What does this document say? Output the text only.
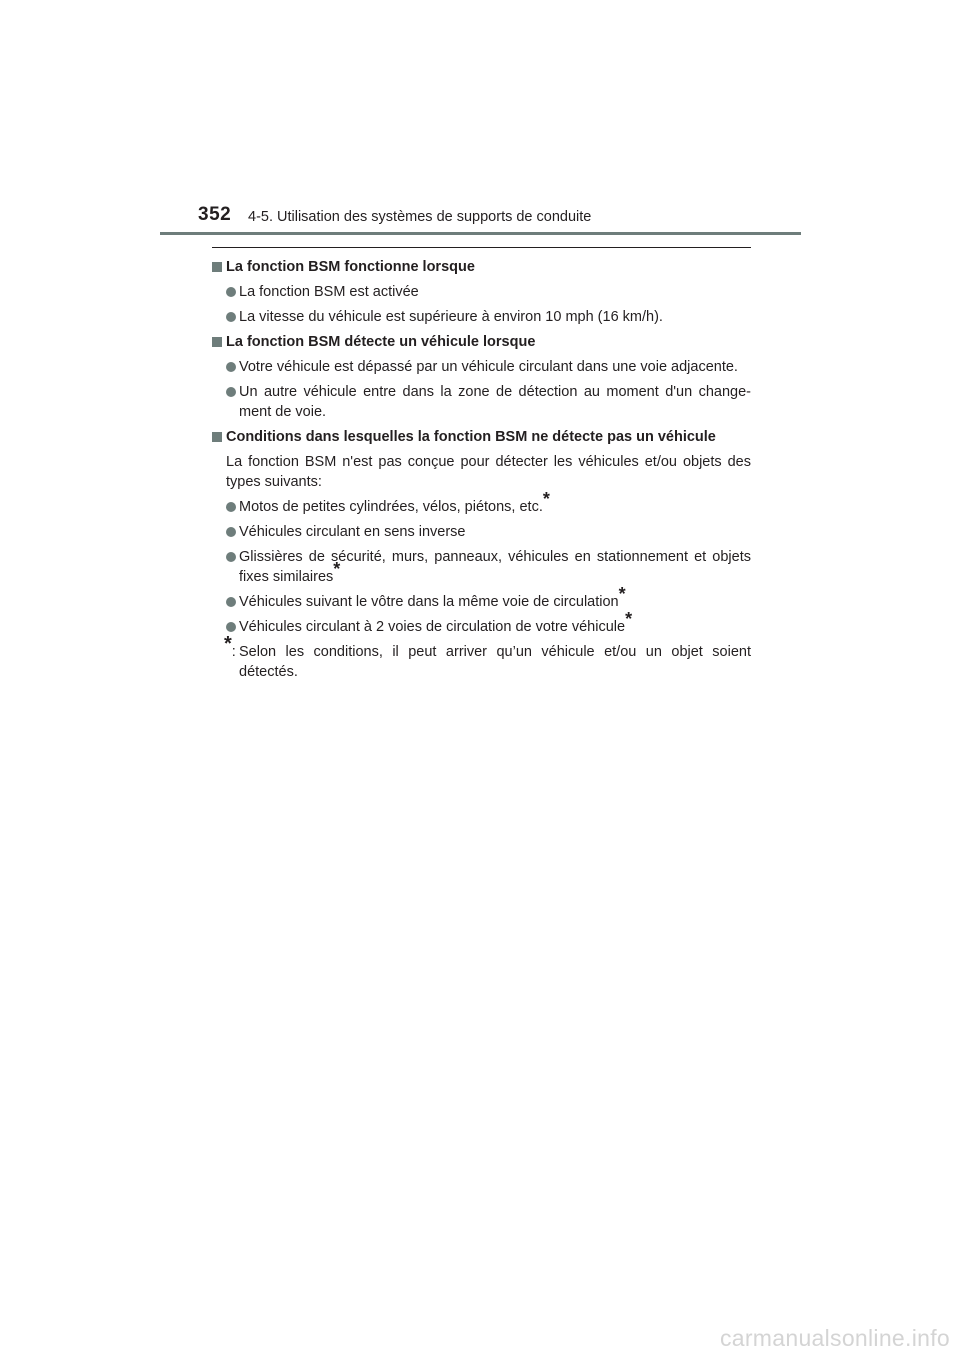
352 4-5. Utilisation des systèmes de supports de conduite
La fonction BSM fonctionne lorsque
La fonction BSM est activée
La vitesse du véhicule est supérieure à environ 10 mph (16 km/h).
La fonction BSM détecte un véhicule lorsque
Votre véhicule est dépassé par un véhicule circulant dans une voie adjacente.
Un autre véhicule entre dans la zone de détection au moment d'un change-ment de voie.
Conditions dans lesquelles la fonction BSM ne détecte pas un véhicule
La fonction BSM n'est pas conçue pour détecter les véhicules et/ou objets des types suivants:
Motos de petites cylindrées, vélos, piétons, etc.*
Véhicules circulant en sens inverse
Glissières de sécurité, murs, panneaux, véhicules en stationnement et objets fixes similaires*
Véhicules suivant le vôtre dans la même voie de circulation*
Véhicules circulant à 2 voies de circulation de votre véhicule*
*: Selon les conditions, il peut arriver qu’un véhicule et/ou un objet soient détectés.
carmanualsonline.info
